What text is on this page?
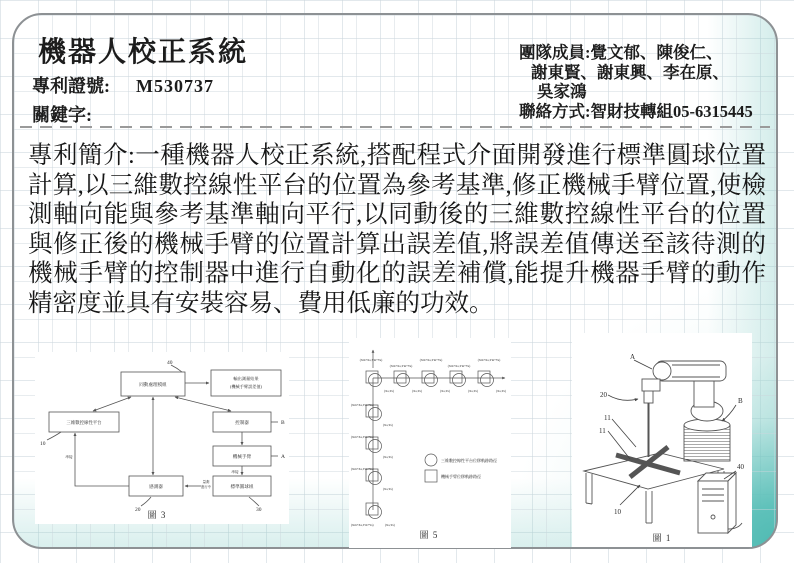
機器人校正系統
專利證號: M530737
關鍵字:
團隊成員:覺文郁、陳俊仁、
謝東賢、謝東興、李在原、
吳家鴻
聯絡方式:智財技轉組05-6315445
專利簡介:一種機器人校正系統,搭配程式介面開發進行標準圓球位置計算,以三維數控線性平台的位置為參考基準,修正機械手臂位置,使檢測軸向能與參考基準軸向平行,以同動後的三維數控線性平台的位置與修正後的機械手臂的位置計算出誤差值,將誤差值傳送至該待測的機械手臂的控制器中進行自動化的誤差補償,能提升機器手臂的動作精密度並具有安裝容易、費用低廉的功效。
同動處理模組
輸出測量結果
(機械手臂誤差值)
三維數控線性平台	控制器
機械手臂
感測器	標準圓球組
串接
串接
量測
進行中
40
10
20	30
B
A
圖 3
(Xm+Xa,Ym+Ya)
(Xm+Xa,Ym+Ya)
(Xm+Xa,Ym+Ya)
(Xm+Xa,Ym+Ya)
(Xm+Xa,Ym+Ya)
(Xa,Ya)	(Xa,Ya)	(Xa,Ya)	(Xa,Ya)	(Xa,Ya)
(Xm+Xa,Ym+Ya)
(Xa,Ya)
(Xm+Xa,Ym+Ya)
(Xa,Ya)
(Xm+Xa,Ym+Ya)
(Xa,Ya)
(Xm+Xa,Ym+Ya)	(Xa,Ya)
三維數控線性平台位移軌跡路徑
機械手臂位移軌跡路徑
圖 5
A
20
11
11
10
B
40
圖 1
